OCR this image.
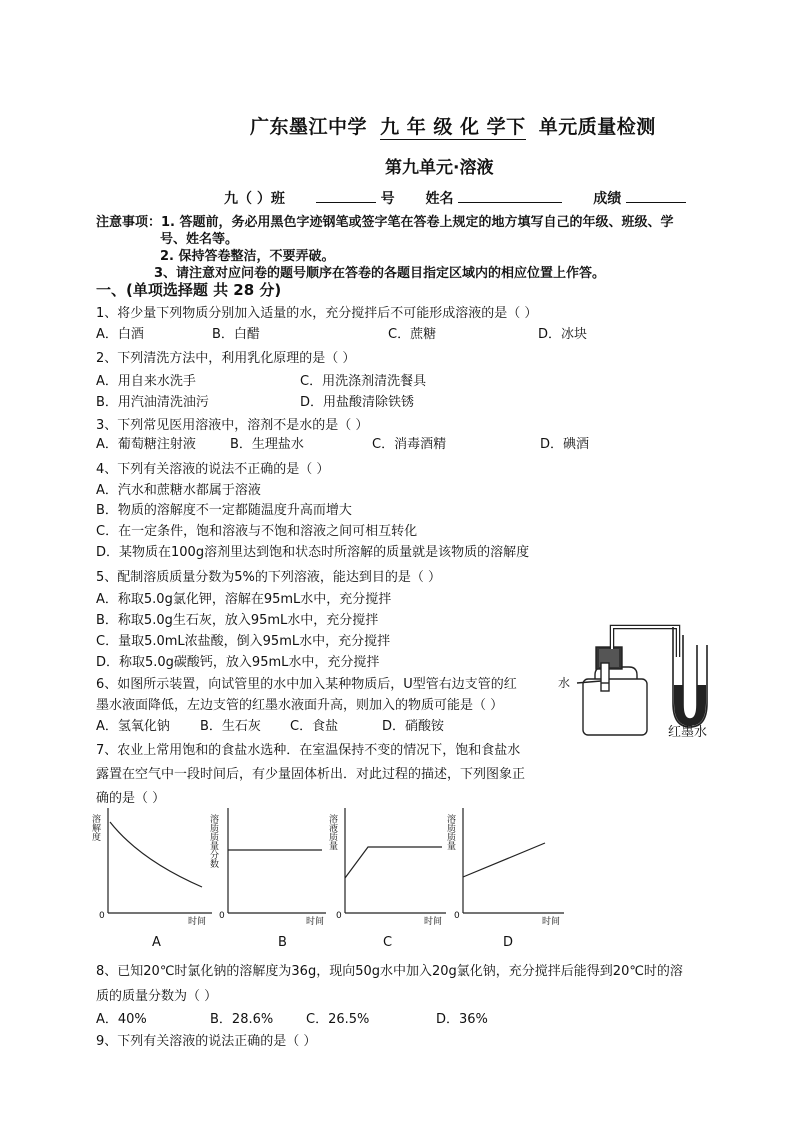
广东墨江中学 九 年 级 化 学下 单元质量检测
第九单元·溶液
九（ ）班	号 姓名	成绩
注意事项：1. 答题前，务必用黑色字迹钢笔或签字笔在答卷上规定的地方填写自己的年级、班级、学
号、姓名等。
2. 保持答卷整洁，不要弄破。
3、请注意对应问卷的题号顺序在答卷的各题目指定区域内的相应位置上作答。
一、(单项选择题 共 28 分)
1、将少量下列物质分别加入适量的水，充分搅拌后不可能形成溶液的是（ ）
A．白酒	B．白醋	C．蔗糖	D．冰块
2、下列清洗方法中，利用乳化原理的是（ ）
A．用自来水洗手	C．用洗涤剂清洗餐具
B．用汽油清洗油污	D．用盐酸清除铁锈
3、下列常见医用溶液中，溶剂不是水的是（ ）
A．葡萄糖注射液	B．生理盐水	C．消毒酒精	D．碘酒
4、下列有关溶液的说法不正确的是（ ）
A．汽水和蔗糖水都属于溶液
B．物质的溶解度不一定都随温度升高而增大
C．在一定条件，饱和溶液与不饱和溶液之间可相互转化
D．某物质在100g溶剂里达到饱和状态时所溶解的质量就是该物质的溶解度
5、配制溶质质量分数为5%的下列溶液，能达到目的是（ ）
A．称取5.0g氯化钾，溶解在95mL水中，充分搅拌
B．称取5.0g生石灰，放入95mL水中，充分搅拌
C．量取5.0mL浓盐酸，倒入95mL水中，充分搅拌
D．称取5.0g碳酸钙，放入95mL水中，充分搅拌
6、如图所示装置，向试管里的水中加入某种物质后，U型管右边支管的红
墨水液面降低，左边支管的红墨水液面升高，则加入的物质可能是（ ）
A．氢氧化钠 B．生石灰 C．食盐	D．硝酸铵
水
红墨水
7、农业上常用饱和的食盐水选种．在室温保持不变的情况下，饱和食盐水
露置在空气中一段时间后，有少量固体析出．对此过程的描述，下列图象正
确的是（ ）
溶解度	溶质质量分数	溶液质量	溶质质量
0	0	0	0
时间	时间	时间	时间
A	B	C	D
8、已知20℃时氯化钠的溶解度为36g，现向50g水中加入20g氯化钠，充分搅拌后能得到20℃时的溶
质的质量分数为（ ）
A．40%	B．28.6%	C．26.5%	D．36%
9、下列有关溶液的说法正确的是（ ）
